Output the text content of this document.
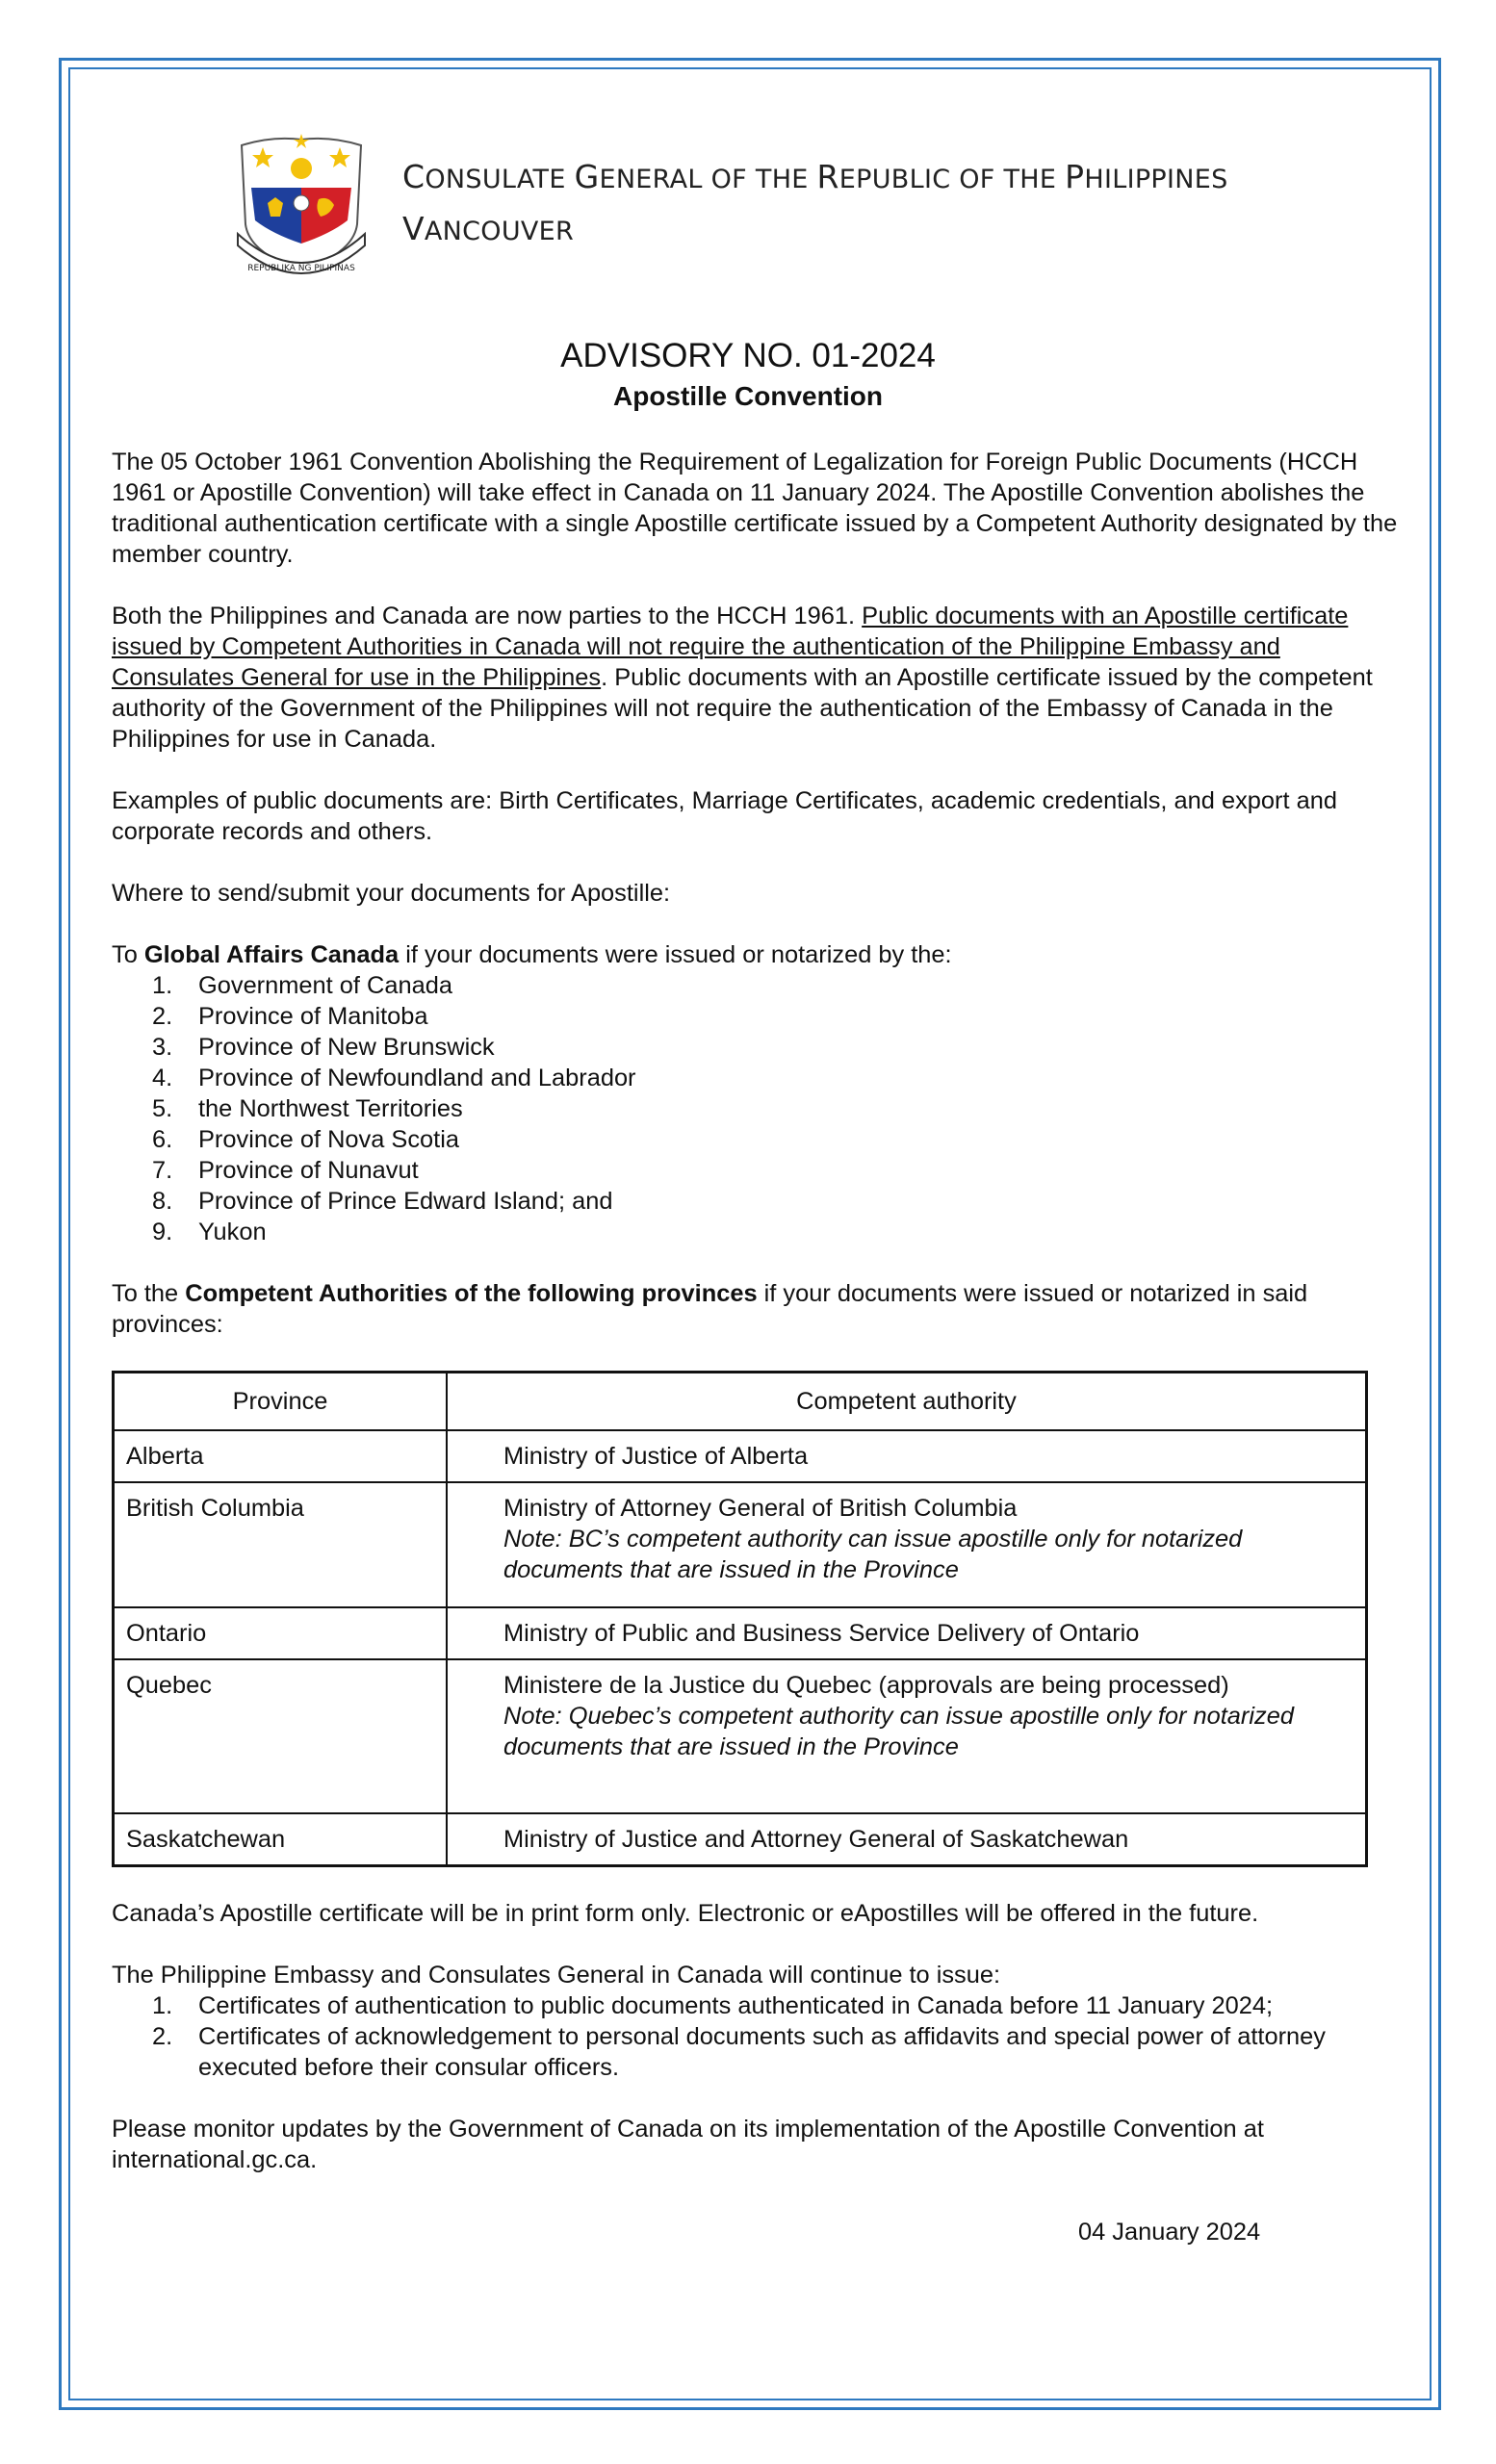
REPUBLIKA NG PILIPINAS
CONSULATE GENERAL OF THE REPUBLIC OF THE PHILIPPINES
VANCOUVER
ADVISORY NO. 01-2024
Apostille Convention

The 05 October 1961 Convention Abolishing the Requirement of Legalization for Foreign Public Documents (HCCH 1961 or Apostille Convention) will take effect in Canada on 11 January 2024. The Apostille Convention abolishes the traditional authentication certificate with a single Apostille certificate issued by a Competent Authority designated by the member country.

Both the Philippines and Canada are now parties to the HCCH 1961. Public documents with an Apostille certificate issued by Competent Authorities in Canada will not require the authentication of the Philippine Embassy and Consulates General for use in the Philippines. Public documents with an Apostille certificate issued by the competent authority of the Government of the Philippines will not require the authentication of the Embassy of Canada in the Philippines for use in Canada.

Examples of public documents are: Birth Certificates, Marriage Certificates, academic credentials, and export and corporate records and others.

Where to send/submit your documents for Apostille:

To Global Affairs Canada if your documents were issued or notarized by the:
1. Government of Canada
2. Province of Manitoba
3. Province of New Brunswick
4. Province of Newfoundland and Labrador
5. the Northwest Territories
6. Province of Nova Scotia
7. Province of Nunavut
8. Province of Prince Edward Island; and
9. Yukon

To the Competent Authorities of the following provinces if your documents were issued or notarized in said provinces:

Province	Competent authority
Alberta	Ministry of Justice of Alberta
British Columbia	Ministry of Attorney General of British Columbia
Note: BC’s competent authority can issue apostille only for notarized documents that are issued in the Province

Ontario	Ministry of Public and Business Service Delivery of Ontario
Quebec	Ministere de la Justice du Quebec (approvals are being processed)
Note: Quebec’s competent authority can issue apostille only for notarized documents that are issued in the Province

Saskatchewan	Ministry of Justice and Attorney General of Saskatchewan

Canada’s Apostille certificate will be in print form only. Electronic or eApostilles will be offered in the future.

The Philippine Embassy and Consulates General in Canada will continue to issue:
1. Certificates of authentication to public documents authenticated in Canada before 11 January 2024;
2. Certificates of acknowledgement to personal documents such as affidavits and special power of attorney executed before their consular officers.

Please monitor updates by the Government of Canada on its implementation of the Apostille Convention at international.gc.ca.

04 January 2024
